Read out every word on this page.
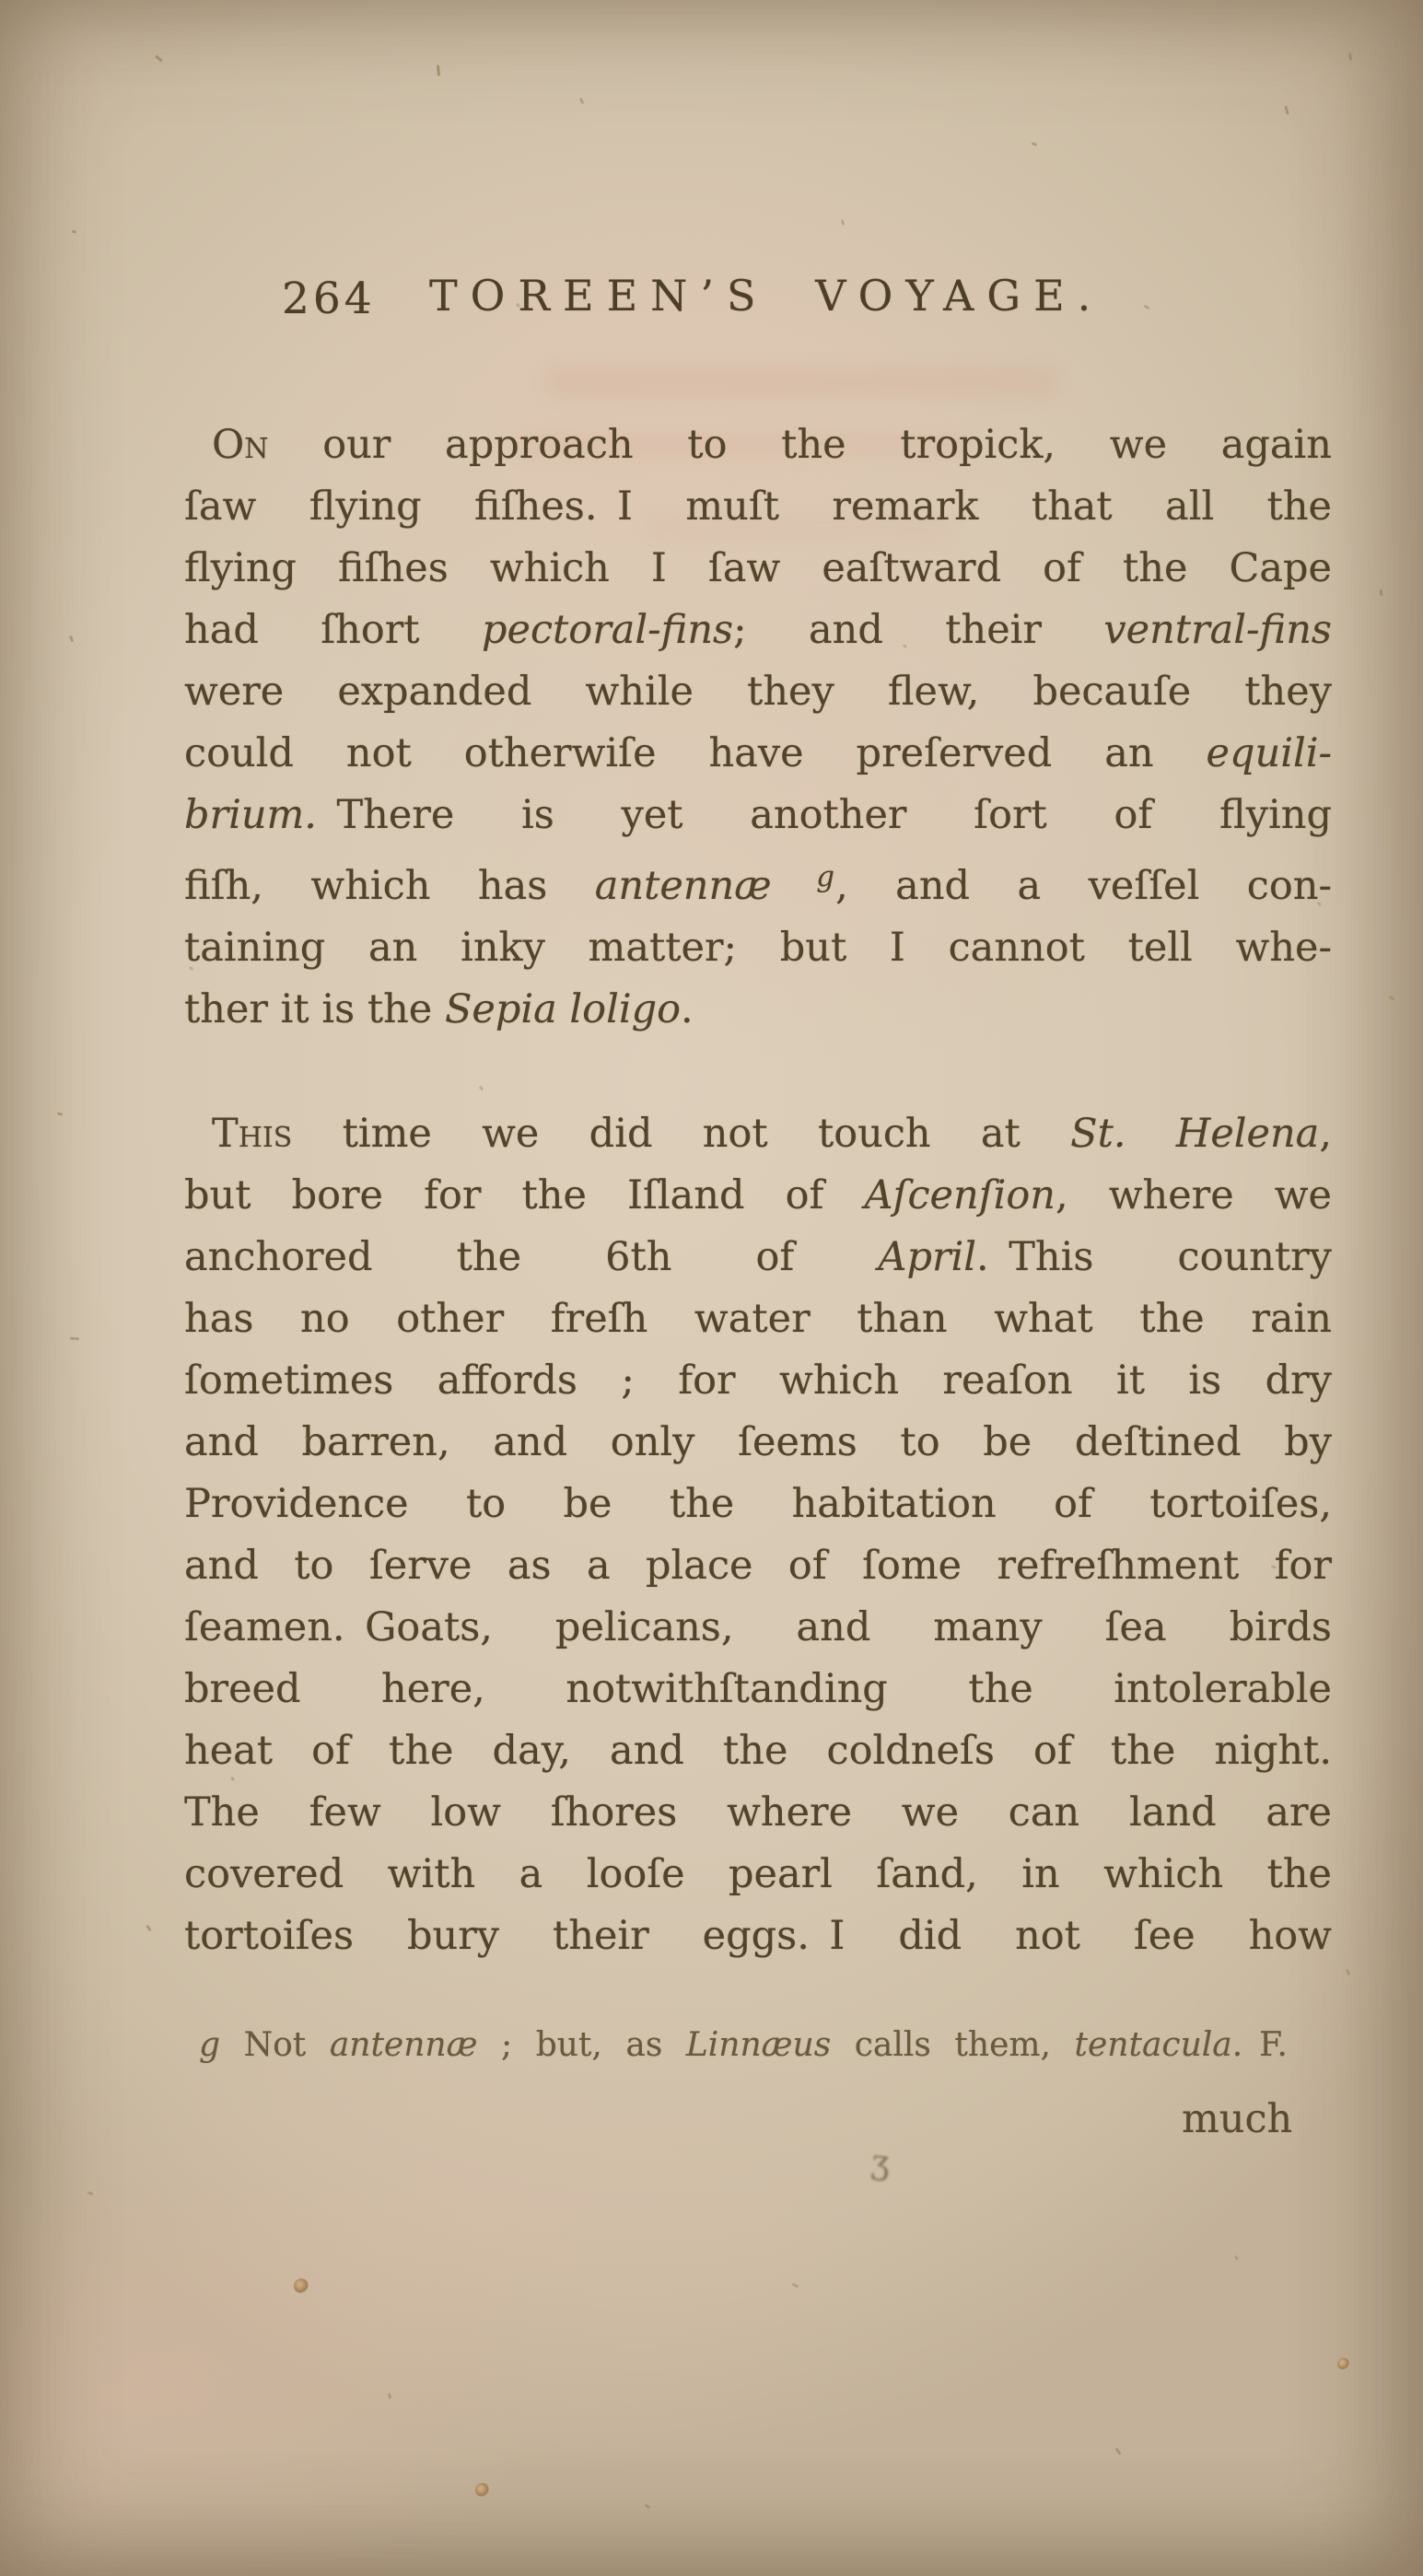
264 TOREEN’S VOYAGE.
On our approach to the tropick, we again
ſaw flying fiſhes. I muſt remark that all the
flying fiſhes which I ſaw eaſtward of the Cape
had ſhort pectoral-fins; and their ventral-fins
were expanded while they flew, becauſe they
could not otherwiſe have preſerved an equili-
brium. There is yet another ſort of flying
fiſh, which has antennæ $^g$, and a veſſel con-
taining an inky matter; but I cannot tell whe-
ther it is the Sepia loligo.
This time we did not touch at St. Helena,
but bore for the Iſland of Aſcenſion, where we
anchored the 6th of April. This country
has no other freſh water than what the rain
ſometimes affords ; for which reaſon it is dry
and barren, and only ſeems to be deſtined by
Providence to be the habitation of tortoiſes,
and to ſerve as a place of ſome refreſhment for
ſeamen. Goats, pelicans, and many ſea birds
breed here, notwithſtanding the intolerable
heat of the day, and the coldneſs of the night.
The few low ſhores where we can land are
covered with a looſe pearl ſand, in which the
tortoiſes bury their eggs. I did not ſee how
g Not antennæ ; but, as Linnæus calls them, tentacula. F.
much
ʒ
